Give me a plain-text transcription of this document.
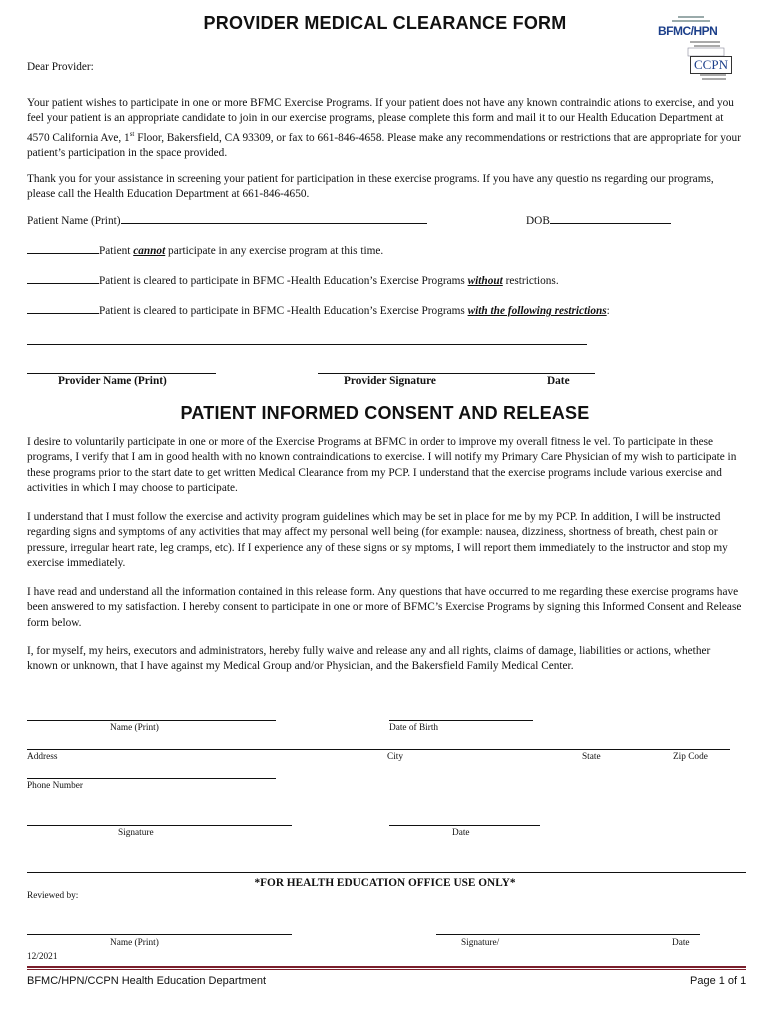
PROVIDER MEDICAL CLEARANCE FORM	BFMC/HPN
CCPN
Dear Provider:
Your patient wishes to participate in one or more BFMC Exercise Programs. If your patient does not have any known contraindic ations to exercise, and you feel your patient is an appropriate candidate to join in our exercise programs, please complete this form and mail it to our Health Education Department at 4570 California Ave, 1st Floor, Bakersfield, CA 93309, or fax to 661-846-4658. Please make any recommendations or restrictions that are appropriate for your patient’s participation in the space provided.
Thank you for your assistance in screening your patient for participation in these exercise programs. If you have any questio ns regarding our programs, please call the Health Education Department at 661-846-4650.
Patient Name (Print)	DOB
Patient cannot participate in any exercise program at this time.
Patient is cleared to participate in BFMC -Health Education’s Exercise Programs without restrictions.
Patient is cleared to participate in BFMC -Health Education’s Exercise Programs with the following restrictions:
Provider Name (Print)	Provider Signature	Date
PATIENT INFORMED CONSENT AND RELEASE
I desire to voluntarily participate in one or more of the Exercise Programs at BFMC in order to improve my overall fitness le vel. To participate in these programs, I verify that I am in good health with no known contraindications to exercise. I will notify my Primary Care Physician of my wish to participate in these programs prior to the start date to get written Medical Clearance from my PCP. I understand that the exercise programs include various exercise and activities in which I may choose to participate.
I understand that I must follow the exercise and activity program guidelines which may be set in place for me by my PCP. In addition, I will be instructed regarding signs and symptoms of any activities that may affect my personal well being (for example: nausea, dizziness, shortness of breath, chest pain or pressure, irregular heart rate, leg cramps, etc). If I experience any of these signs or sy mptoms, I will report them immediately to the instructor and stop my exercise immediately.
I have read and understand all the information contained in this release form. Any questions that have occurred to me regarding these exercise programs have been answered to my satisfaction. I hereby consent to participate in one or more of BFMC’s Exercise Programs by signing this Informed Consent and Release form below.
I, for myself, my heirs, executors and administrators, hereby fully waive and release any and all rights, claims of damage, liabilities or actions, whether known or unknown, that I have against my Medical Group and/or Physician, and the Bakersfield Family Medical Center.
Name (Print)	Date of Birth
Address	City	State	Zip Code
Phone Number
Signature	Date
*FOR HEALTH EDUCATION OFFICE USE ONLY*
Reviewed by:
Name (Print)	Signature/	Date
12/2021
BFMC/HPN/CCPN Health Education Department	Page 1 of 1
